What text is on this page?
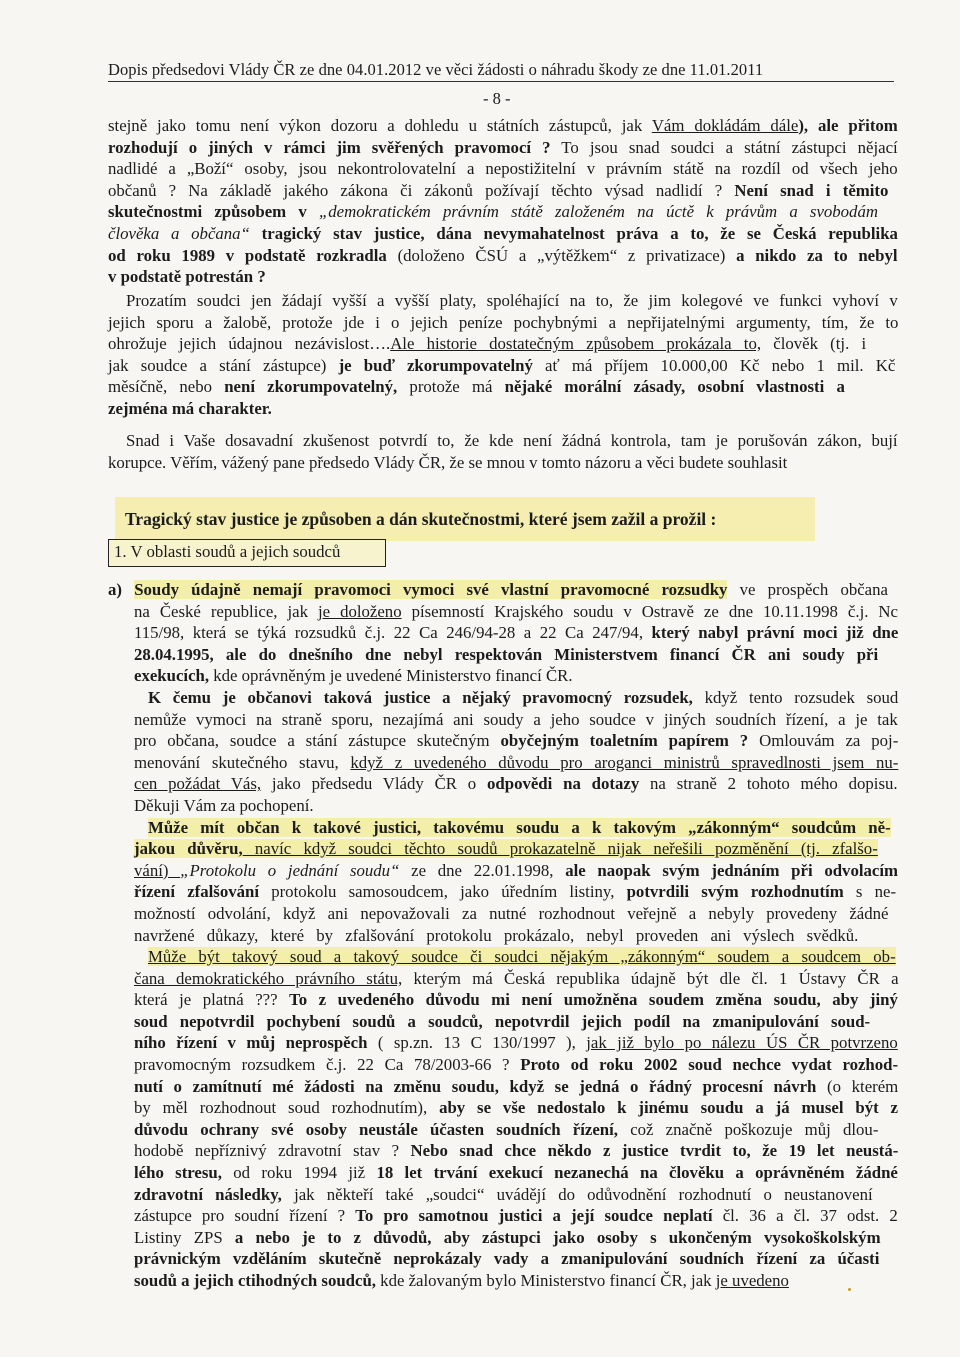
Dopis předsedovi Vlády ČR ze dne 04.01.2012 ve věci žádosti o náhradu škody ze dne 11.01.2011
- 8 -
stejně jako tomu není výkon dozoru a dohledu u státních zástupců, jak Vám dokládám dále), ale přitom
rozhodují o jiných v rámci jim svěřených pravomocí ? To jsou snad soudci a státní zástupci nějací
nadlidé a „Boží“ osoby, jsou nekontrolovatelní a nepostižitelní v právním státě na rozdíl od všech jeho
občanů ? Na základě jakého zákona či zákonů požívají těchto výsad nadlidí ? Není snad i těmito
skutečnostmi způsobem v „demokratickém právním státě založeném na úctě k právům a svobodám
člověka a občana“ tragický stav justice, dána nevymahatelnost práva a to, že se Česká republika
od roku 1989 v podstatě rozkradla (doloženo ČSÚ a „výtěžkem“ z privatizace) a nikdo za to nebyl
v podstatě potrestán ?
Prozatím soudci jen žádají vyšší a vyšší platy, spoléhající na to, že jim kolegové ve funkci vyhoví v
jejich sporu a žalobě, protože jde i o jejich peníze pochybnými a nepřijatelnými argumenty, tím, že to
ohrožuje jejich údajnou nezávislost….Ale historie dostatečným způsobem prokázala to, člověk (tj. i
jak soudce a stání zástupce) je buď zkorumpovatelný ať má příjem 10.000,00 Kč nebo 1 mil. Kč
měsíčně, nebo není zkorumpovatelný, protože má nějaké morální zásady, osobní vlastnosti a
zejména má charakter.
Snad i Vaše dosavadní zkušenost potvrdí to, že kde není žádná kontrola, tam je porušován zákon, bují
korupce. Věřím, vážený pane předsedo Vlády ČR, že se mnou v tomto názoru a věci budete souhlasit
Tragický stav justice je způsoben a dán skutečnostmi, které jsem zažil a prožil :
1. V oblasti soudů a jejich soudců
a) Soudy údajně nemají pravomoci vymoci své vlastní pravomocné rozsudky ve prospěch občana
na České republice, jak je doloženo písemností Krajského soudu v Ostravě ze dne 10.11.1998 č.j. Nc
115/98, která se týká rozsudků č.j. 22 Ca 246/94-28 a 22 Ca 247/94, který nabyl právní moci již dne
28.04.1995, ale do dnešního dne nebyl respektován Ministerstvem financí ČR ani soudy při
exekucích, kde oprávněným je uvedené Ministerstvo financí ČR.
K čemu je občanovi taková justice a nějaký pravomocný rozsudek, když tento rozsudek soud
nemůže vymoci na straně sporu, nezajímá ani soudy a jeho soudce v jiných soudních řízení, a je tak
pro občana, soudce a stání zástupce skutečným obyčejným toaletním papírem ? Omlouvám za poj-
menování skutečného stavu, když z uvedeného důvodu pro aroganci ministrů spravedlnosti jsem nu-
cen požádat Vás, jako předsedu Vlády ČR o odpovědi na dotazy na straně 2 tohoto mého dopisu.
Děkuji Vám za pochopení.
Může mít občan k takové justici, takovému soudu a k takovým „zákonným“ soudcům ně-
jakou důvěru, navíc když soudci těchto soudů prokazatelně nijak neřešili pozměnění (tj. zfalšo-
vání) „Protokolu o jednání soudu“ ze dne 22.01.1998, ale naopak svým jednáním při odvolacím
řízení zfalšování protokolu samosoudcem, jako úředním listiny, potvrdili svým rozhodnutím s ne-
možností odvolání, když ani nepovažovali za nutné rozhodnout veřejně a nebyly provedeny žádné
navržené důkazy, které by zfalšování protokolu prokázalo, nebyl proveden ani výslech svědků.
Může být takový soud a takový soudce či soudci nějakým „zákonným“ soudem a soudcem ob-
čana demokratického právního státu, kterým má Česká republika údajně být dle čl. 1 Ústavy ČR a
která je platná ??? To z uvedeného důvodu mi není umožněna soudem změna soudu, aby jiný
soud nepotvrdil pochybení soudů a soudců, nepotvrdil jejich podíl na zmanipulování soud-
ního řízení v můj neprospěch ( sp.zn. 13 C 130/1997 ), jak již bylo po nálezu ÚS ČR potvrzeno
pravomocným rozsudkem č.j. 22 Ca 78/2003-66 ? Proto od roku 2002 soud nechce vydat rozhod-
nutí o zamítnutí mé žádosti na změnu soudu, když se jedná o řádný procesní návrh (o kterém
by měl rozhodnout soud rozhodnutím), aby se vše nedostalo k jinému soudu a já musel být z
důvodu ochrany své osoby neustále účasten soudních řízení, což značně poškozuje můj dlou-
hodobě nepříznivý zdravotní stav ? Nebo snad chce někdo z justice tvrdit to, že 19 let neustá-
lého stresu, od roku 1994 již 18 let trvání exekucí nezanechá na člověku a oprávněném žádné
zdravotní následky, jak někteří také „soudci“ uvádějí do odůvodnění rozhodnutí o neustanovení
zástupce pro soudní řízení ? To pro samotnou justici a její soudce neplatí čl. 36 a čl. 37 odst. 2
Listiny ZPS a nebo je to z důvodů, aby zástupci jako osoby s ukončeným vysokoškolským
právnickým vzděláním skutečně neprokázaly vady a zmanipulování soudních řízení za účasti
soudů a jejich ctihodných soudců, kde žalovaným bylo Ministerstvo financí ČR, jak je uvedeno
